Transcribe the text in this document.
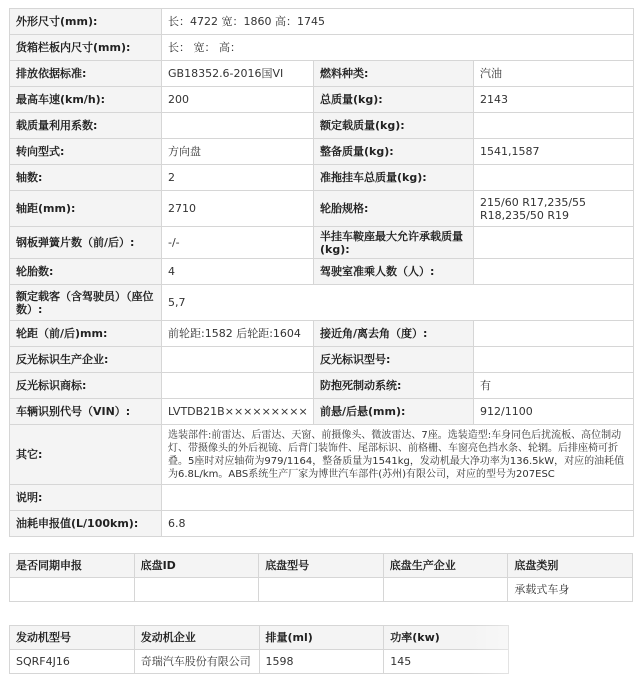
外形尺寸(mm):	长：4722 宽：1860 高：1745		
货箱栏板内尺寸(mm):	长： 宽： 高：		
排放依据标准:	GB18352.6-2016国VI	燃料种类:	汽油
最高车速(km/h):	200	总质量(kg):	2143
载质量利用系数:		额定载质量(kg):	
转向型式:	方向盘	整备质量(kg):	1541,1587
轴数:	2	准拖挂车总质量(kg):	
轴距(mm):	2710	轮胎规格:	215/60 R17,235/55 R18,235/50 R19
钢板弹簧片数（前/后）:	-/-	半挂车鞍座最大允许承载质量(kg):	
轮胎数:	4	驾驶室准乘人数（人）:	
额定载客（含驾驶员）（座位数）:	5,7		
轮距（前/后)mm:	前轮距:1582 后轮距:1604	接近角/离去角（度）:	
反光标识生产企业:		反光标识型号:	
反光标识商标:		防抱死制动系统:	有
车辆识别代号（VIN）:	LVTDB21B×××××××××	前悬/后悬(mm):	912/1100
其它:	选装部件:前雷达、后雷达、天窗、前摄像头、微波雷达、7座。选装造型:车身同色后扰流板、高位制动灯、带摄像头的外后视镜、后背门装饰件、尾部标识、前格栅、车窗亮色挡水条、轮辋。后排座椅可折叠。5座时对应轴荷为979/1164，整备质量为1541kg，发动机最大净功率为136.5kW，对应的油耗值为6.8L/km。ABS系统生产厂家为博世汽车部件(苏州)有限公司，对应的型号为207ESC		
说明:			
油耗申报值(L/100km):	6.8		
是否同期申报	底盘ID	底盘型号	底盘生产企业	底盘类别
				承载式车身
发动机型号	发动机企业	排量(ml)	功率(kw)
SQRF4J16	奇瑞汽车股份有限公司	1598	145
